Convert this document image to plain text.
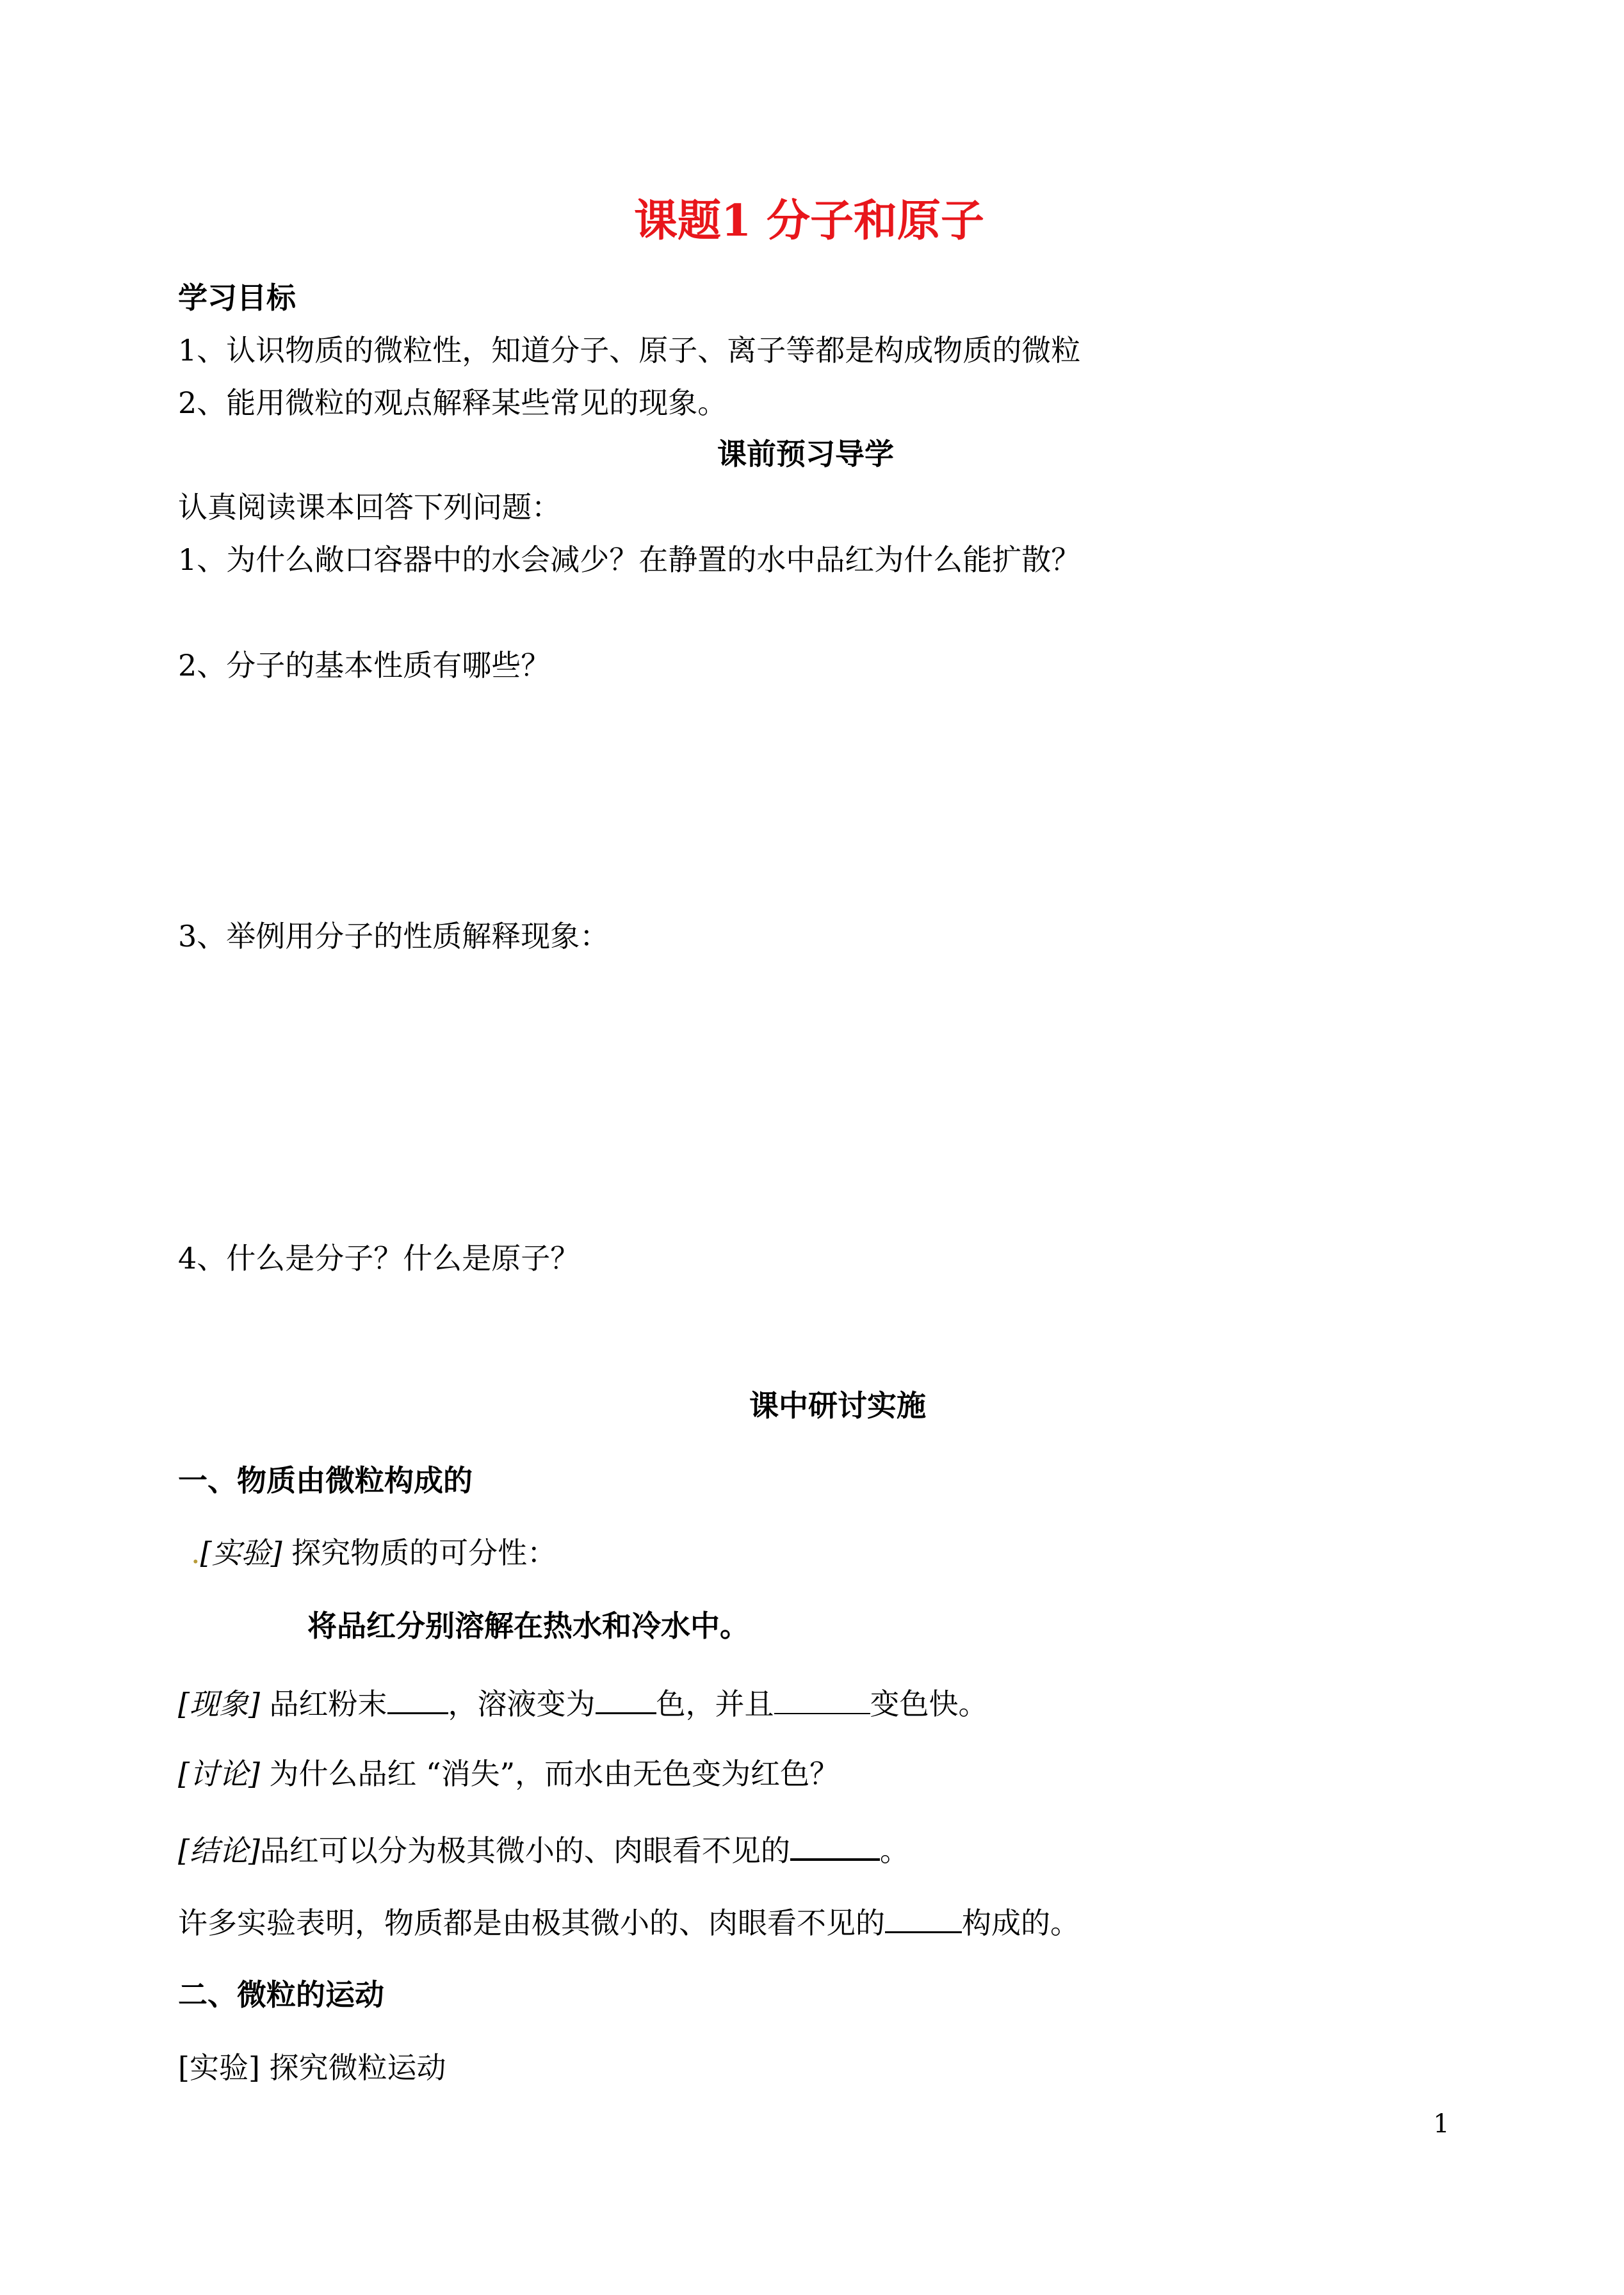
课题1 分子和原子
学习目标
1、认识物质的微粒性，知道分子、原子、离子等都是构成物质的微粒
2、能用微粒的观点解释某些常见的现象。
课前预习导学
认真阅读课本回答下列问题：
1、为什么敞口容器中的水会减少？在静置的水中品红为什么能扩散？
2、分子的基本性质有哪些？
3、举例用分子的性质解释现象：
4、什么是分子？什么是原子？
课中研讨实施
一、物质由微粒构成的
.[实验] 探究物质的可分性：
将品红分别溶解在热水和冷水中。
[现象] 品红粉末 ，溶液变为 色，并且	变色快。
[讨论] 为什么品红 “消失”，而水由无色变为红色？
[结论]品红可以分为极其微小的、肉眼看不见的	。
许多实验表明，物质都是由极其微小的、肉眼看不见的	构成的。
二、微粒的运动
[实验] 探究微粒运动
1
